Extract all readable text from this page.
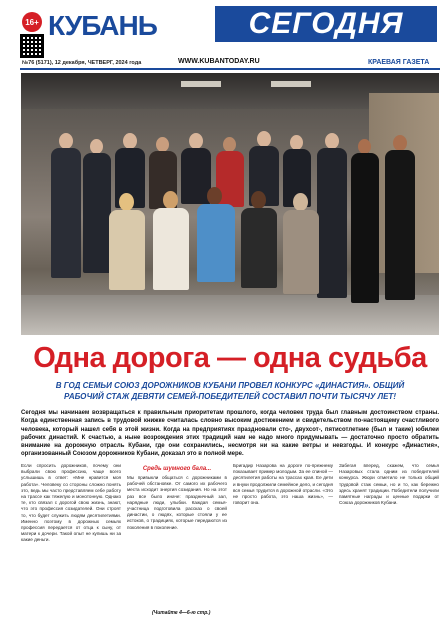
16+ КУБАНЬ	СЕГОДНЯ
№76 (5171), 12 декабря, ЧЕТВЕРГ, 2024 года	WWW.KUBANTODAY.RU	КРАЕВАЯ ГАЗЕТА
Одна дорога — одна судьба
В ГОД СЕМЬИ СОЮЗ ДОРОЖНИКОВ КУБАНИ ПРОВЕЛ КОНКУРС «ДИНАСТИЯ». ОБЩИЙ РАБОЧИЙ СТАЖ ДЕВЯТИ СЕМЕЙ-ПОБЕДИТЕЛЕЙ СОСТАВИЛ ПОЧТИ ТЫСЯЧУ ЛЕТ!
Сегодня мы начинаем возвращаться к правильным приоритетам прошлого, когда человек труда был главным достоинством страны. Когда единственная запись в трудовой книжке считалась словно высоким достижением и свидетельством по-настоящему счастливого человека, который нашел себя в этой жизни. Когда на предприятиях праздновали сто-, двухсот-, пятисотлетние (был и такие) юбилеи рабочих династий. К счастью, а ныне возрождения этих традиций нам не надо много придумывать — достаточно просто обратить внимание на дорожную отрасль Кубани, где они сохранились, несмотря ни на какие ветры и невзгоды. И конкурс «Династия», организованный Союзом дорожников Кубани, доказал это в полной мере.
Если спросить дорожников, почему они выбрали свою профессию, чаще всего услышишь в ответ: «Мне нравится моя работа». Человеку со стороны сложно понять это, ведь мы часто представляем себе работу на трассе как тяжелую и монотонную. Однако те, кто связал с дорогой свою жизнь, знают, что это профессия созидателей. Они строят то, что будет служить людям десятилетиями. Именно поэтому в дорожных семьях профессия передается от отца к сыну, от матери к дочери. Такой опыт не купишь ни за какие деньги.
Средь шумного бала...
Мы привыкли общаться с дорожниками в рабочей обстановке. От самого их рабочего места исходит энергия созидания. Но на этот раз все было иначе: праздничный зал, нарядные люди, улыбки. Каждая семья-участница подготовила рассказ о своей династии, о людях, которые стояли у ее истоков, о традициях, которые передаются из поколения в поколение.
Бригадир Назарова на дороге по-прежнему показывает пример молодым. За ее спиной — десятилетия работы на трассах края. Ее дети и внуки продолжили семейное дело, и сегодня вся семья трудится в дорожной отрасли. «Это не просто работа, это наша жизнь», — говорит она.
Забегая вперед, скажем, что семья Назаровых стала одним из победителей конкурса. Жюри отметило не только общий трудовой стаж семьи, но и то, как бережно здесь хранят традиции. Победители получили памятные награды и ценные подарки от Союза дорожников Кубани.
(Читайте 4—6-ю стр.)
